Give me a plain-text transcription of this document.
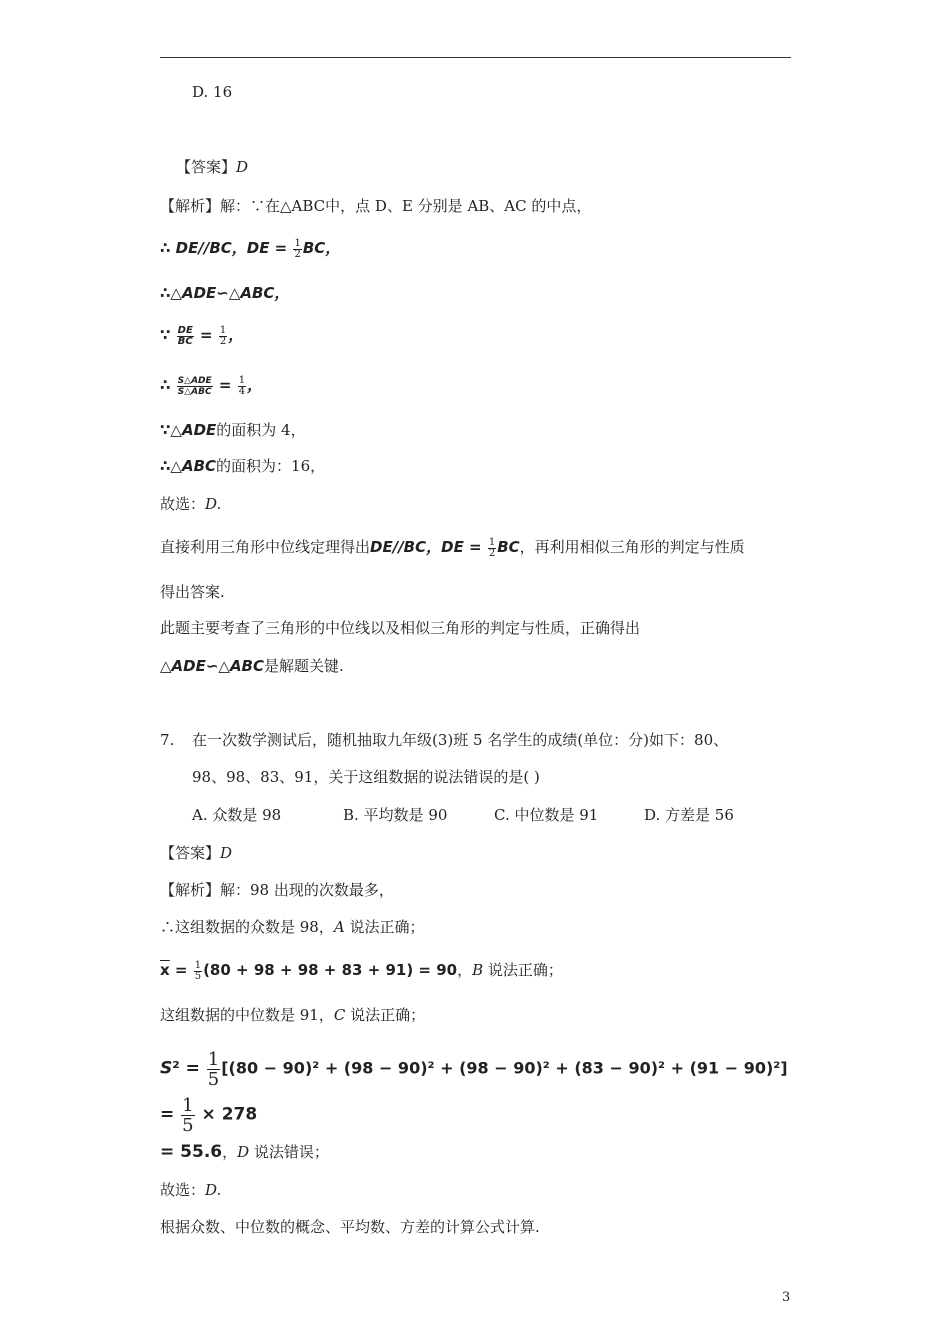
D. 16
【答案】D
【解析】解：∵在△ABC中，点 D、E 分别是 AB、AC 的中点，
∴ DE//BC，DE = $\frac{1}{2}$ BC，
∴△ADE∽△ABC，
∵ $\frac{DE}{BC} = \frac{1}{2}$ ，
∴ $\frac{\text{S△ADE}}{\text{S△ABC}} = \frac{1}{4}$ ，
∵△ADE的面积为 4，
∴△ABC的面积为：16，
故选：D.
直接利用三角形中位线定理得出DE//BC，DE = $\frac{1}{2}$ BC，再利用相似三角形的判定与性质
得出答案.
此题主要考查了三角形的中位线以及相似三角形的判定与性质，正确得出
△ADE∽△ABC是解题关键.
7. 在一次数学测试后，随机抽取九年级(3)班 5 名学生的成绩(单位：分)如下：80、
98、98、83、91，关于这组数据的说法错误的是( )
A. 众数是 98	B. 平均数是 90	C. 中位数是 91	D. 方差是 56
【答案】D
【解析】解：98 出现的次数最多，
∴这组数据的众数是 98，A 说法正确；
$\overline{x} = \frac{1}{5} (80 + 98 + 98 + 83 + 91) = 90$，B 说法正确；
这组数据的中位数是 91，C 说法正确；
$S^2 = \frac{1}{5} [(80 - 90)^2 + (98 - 90)^2 + (98 - 90)^2 + (83 - 90)^2 + (91 - 90)^2]$
= $\frac{1}{5} \times 278$
= 55.6，D 说法错误；
故选：D.
根据众数、中位数的概念、平均数、方差的计算公式计算.
3
